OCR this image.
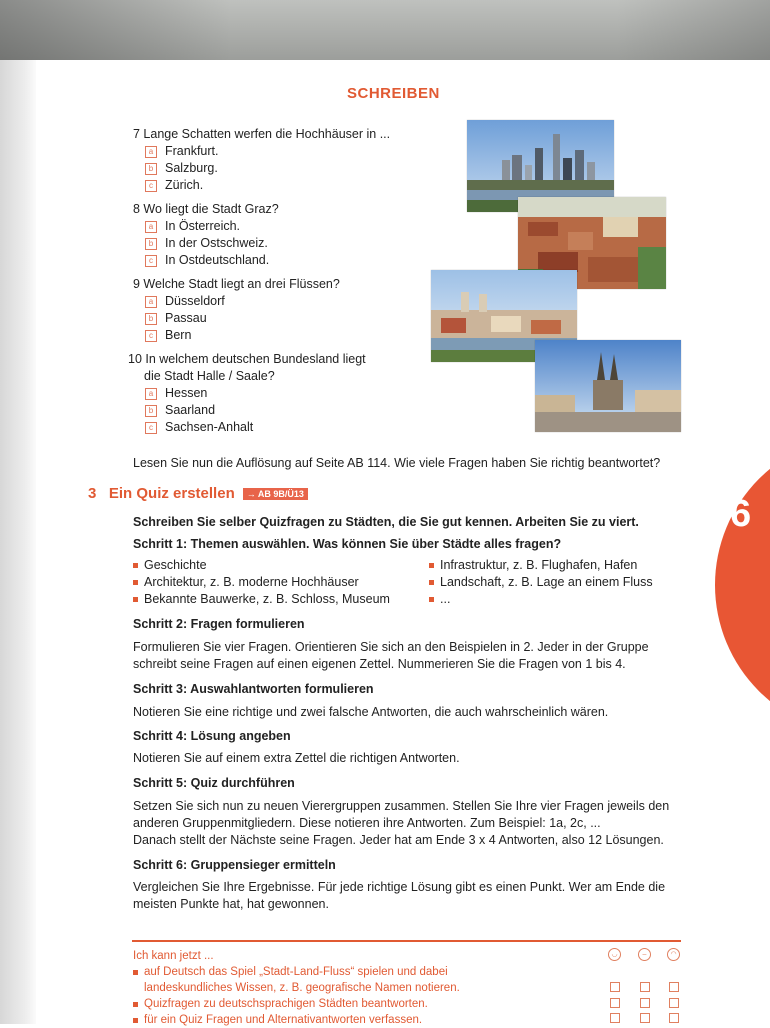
6
SCHREIBEN
7 Lange Schatten werfen die Hochhäuser in ...
a Frankfurt.
b Salzburg.
c Zürich.
8 Wo liegt die Stadt Graz?
a In Österreich.
b In der Ostschweiz.
c In Ostdeutschland.
9 Welche Stadt liegt an drei Flüssen?
a Düsseldorf
b Passau
c Bern
10 In welchem deutschen Bundesland liegt
die Stadt Halle / Saale?
a Hessen
b Saarland
c Sachsen-Anhalt
Lesen Sie nun die Auflösung auf Seite AB 114. Wie viele Fragen haben Sie richtig beantwortet?
3 Ein Quiz erstellen → AB 9B/Ü13
Schreiben Sie selber Quizfragen zu Städten, die Sie gut kennen. Arbeiten Sie zu viert.
Schritt 1: Themen auswählen. Was können Sie über Städte alles fragen?
Geschichte
Architektur, z. B. moderne Hochhäuser
Bekannte Bauwerke, z. B. Schloss, Museum
Infrastruktur, z. B. Flughafen, Hafen
Landschaft, z. B. Lage an einem Fluss
...
Schritt 2: Fragen formulieren
Formulieren Sie vier Fragen. Orientieren Sie sich an den Beispielen in 2. Jeder in der Gruppe schreibt seine Fragen auf einen eigenen Zettel. Nummerieren Sie die Fragen von 1 bis 4.
Schritt 3: Auswahlantworten formulieren
Notieren Sie eine richtige und zwei falsche Antworten, die auch wahrscheinlich wären.
Schritt 4: Lösung angeben
Notieren Sie auf einem extra Zettel die richtigen Antworten.
Schritt 5: Quiz durchführen
Setzen Sie sich nun zu neuen Vierergruppen zusammen. Stellen Sie Ihre vier Fragen jeweils den anderen Gruppenmitgliedern. Diese notieren ihre Antworten. Zum Beispiel: 1a, 2c, ...
Danach stellt der Nächste seine Fragen. Jeder hat am Ende 3 x 4 Antworten, also 12 Lösungen.
Schritt 6: Gruppensieger ermitteln
Vergleichen Sie Ihre Ergebnisse. Für jede richtige Lösung gibt es einen Punkt. Wer am Ende die meisten Punkte hat, hat gewonnen.
Ich kann jetzt ...
auf Deutsch das Spiel „Stadt-Land-Fluss“ spielen und dabei
landeskundliches Wissen, z. B. geografische Namen notieren.
Quizfragen zu deutschsprachigen Städten beantworten.
für ein Quiz Fragen und Alternativantworten verfassen.
◡	–	◠
